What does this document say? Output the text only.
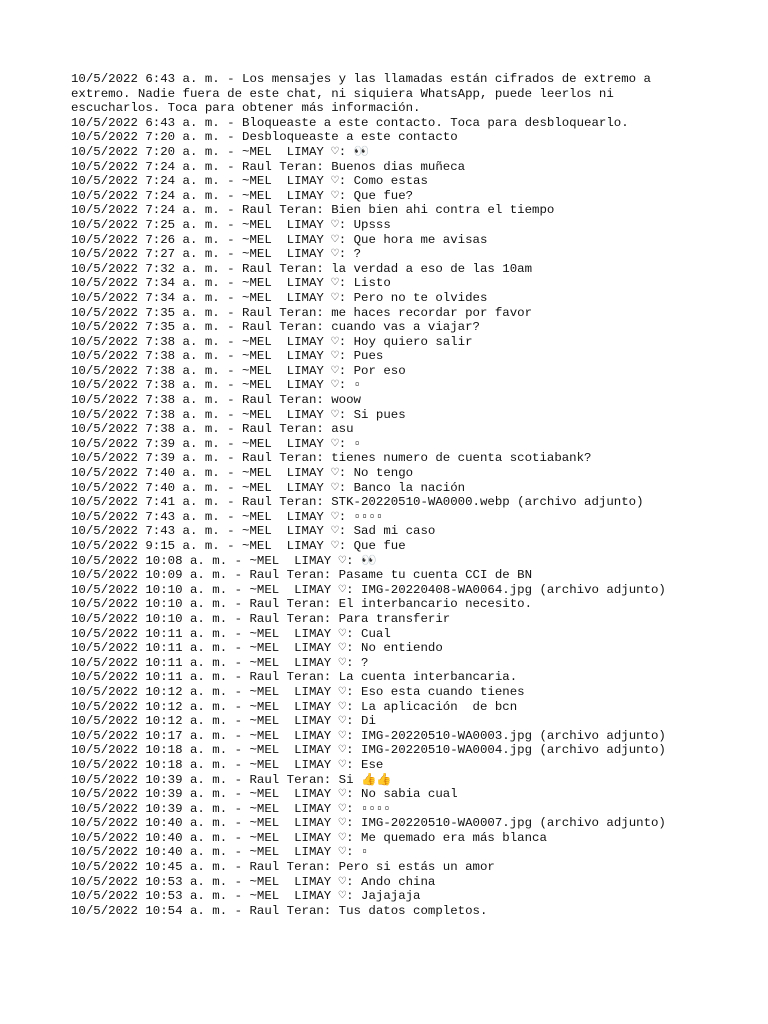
10/5/2022 6:43 a. m. - Los mensajes y las llamadas están cifrados de extremo a
extremo. Nadie fuera de este chat, ni siquiera WhatsApp, puede leerlos ni
escucharlos. Toca para obtener más información.
10/5/2022 6:43 a. m. - Bloqueaste a este contacto. Toca para desbloquearlo.
10/5/2022 7:20 a. m. - Desbloqueaste a este contacto
10/5/2022 7:20 a. m. - ~MEL  LIMAY ♡: 👀
10/5/2022 7:24 a. m. - Raul Teran: Buenos dias muñeca
10/5/2022 7:24 a. m. - ~MEL  LIMAY ♡: Como estas
10/5/2022 7:24 a. m. - ~MEL  LIMAY ♡: Que fue?
10/5/2022 7:24 a. m. - Raul Teran: Bien bien ahi contra el tiempo
10/5/2022 7:25 a. m. - ~MEL  LIMAY ♡: Upsss
10/5/2022 7:26 a. m. - ~MEL  LIMAY ♡: Que hora me avisas
10/5/2022 7:27 a. m. - ~MEL  LIMAY ♡: ?
10/5/2022 7:32 a. m. - Raul Teran: la verdad a eso de las 10am
10/5/2022 7:34 a. m. - ~MEL  LIMAY ♡: Listo
10/5/2022 7:34 a. m. - ~MEL  LIMAY ♡: Pero no te olvides
10/5/2022 7:35 a. m. - Raul Teran: me haces recordar por favor
10/5/2022 7:35 a. m. - Raul Teran: cuando vas a viajar?
10/5/2022 7:38 a. m. - ~MEL  LIMAY ♡: Hoy quiero salir
10/5/2022 7:38 a. m. - ~MEL  LIMAY ♡: Pues
10/5/2022 7:38 a. m. - ~MEL  LIMAY ♡: Por eso
10/5/2022 7:38 a. m. - ~MEL  LIMAY ♡: ▫
10/5/2022 7:38 a. m. - Raul Teran: woow
10/5/2022 7:38 a. m. - ~MEL  LIMAY ♡: Si pues
10/5/2022 7:38 a. m. - Raul Teran: asu
10/5/2022 7:39 a. m. - ~MEL  LIMAY ♡: ▫
10/5/2022 7:39 a. m. - Raul Teran: tienes numero de cuenta scotiabank?
10/5/2022 7:40 a. m. - ~MEL  LIMAY ♡: No tengo
10/5/2022 7:40 a. m. - ~MEL  LIMAY ♡: Banco la nación
10/5/2022 7:41 a. m. - Raul Teran: STK-20220510-WA0000.webp (archivo adjunto)
10/5/2022 7:43 a. m. - ~MEL  LIMAY ♡: ▫▫▫▫
10/5/2022 7:43 a. m. - ~MEL  LIMAY ♡: Sad mi caso
10/5/2022 9:15 a. m. - ~MEL  LIMAY ♡: Que fue
10/5/2022 10:08 a. m. - ~MEL  LIMAY ♡: 👀
10/5/2022 10:09 a. m. - Raul Teran: Pasame tu cuenta CCI de BN
10/5/2022 10:10 a. m. - ~MEL  LIMAY ♡: IMG-20220408-WA0064.jpg (archivo adjunto)
10/5/2022 10:10 a. m. - Raul Teran: El interbancario necesito.
10/5/2022 10:10 a. m. - Raul Teran: Para transferir
10/5/2022 10:11 a. m. - ~MEL  LIMAY ♡: Cual
10/5/2022 10:11 a. m. - ~MEL  LIMAY ♡: No entiendo
10/5/2022 10:11 a. m. - ~MEL  LIMAY ♡: ?
10/5/2022 10:11 a. m. - Raul Teran: La cuenta interbancaria.
10/5/2022 10:12 a. m. - ~MEL  LIMAY ♡: Eso esta cuando tienes
10/5/2022 10:12 a. m. - ~MEL  LIMAY ♡: La aplicación  de bcn
10/5/2022 10:12 a. m. - ~MEL  LIMAY ♡: Di
10/5/2022 10:17 a. m. - ~MEL  LIMAY ♡: IMG-20220510-WA0003.jpg (archivo adjunto)
10/5/2022 10:18 a. m. - ~MEL  LIMAY ♡: IMG-20220510-WA0004.jpg (archivo adjunto)
10/5/2022 10:18 a. m. - ~MEL  LIMAY ♡: Ese
10/5/2022 10:39 a. m. - Raul Teran: Si 👍👍
10/5/2022 10:39 a. m. - ~MEL  LIMAY ♡: No sabia cual
10/5/2022 10:39 a. m. - ~MEL  LIMAY ♡: ▫▫▫▫
10/5/2022 10:40 a. m. - ~MEL  LIMAY ♡: IMG-20220510-WA0007.jpg (archivo adjunto)
10/5/2022 10:40 a. m. - ~MEL  LIMAY ♡: Me quemado era más blanca
10/5/2022 10:40 a. m. - ~MEL  LIMAY ♡: ▫
10/5/2022 10:45 a. m. - Raul Teran: Pero si estás un amor
10/5/2022 10:53 a. m. - ~MEL  LIMAY ♡: Ando china
10/5/2022 10:53 a. m. - ~MEL  LIMAY ♡: Jajajaja
10/5/2022 10:54 a. m. - Raul Teran: Tus datos completos.
